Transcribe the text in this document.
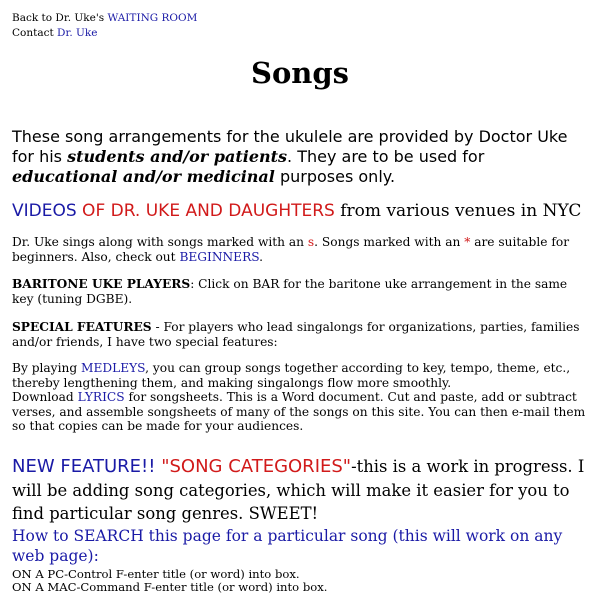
Back to Dr. Uke's WAITING ROOM
Contact Dr. Uke
Songs
These song arrangements for the ukulele are provided by Doctor Uke for his students and/or patients. They are to be used for educational and/or medicinal purposes only.
VIDEOS OF DR. UKE AND DAUGHTERS from various venues in NYC
Dr. Uke sings along with songs marked with an s. Songs marked with an * are suitable for beginners. Also, check out BEGINNERS.
BARITONE UKE PLAYERS: Click on BAR for the baritone uke arrangement in the same key (tuning DGBE).
SPECIAL FEATURES - For players who lead singalongs for organizations, parties, families and/or friends, I have two special features:
By playing MEDLEYS, you can group songs together according to key, tempo, theme, etc., thereby lengthening them, and making singalongs flow more smoothly.
Download LYRICS for songsheets. This is a Word document. Cut and paste, add or subtract verses, and assemble songsheets of many of the songs on this site. You can then e-mail them so that copies can be made for your audiences.
NEW FEATURE!! "SONG CATEGORIES"-this is a work in progress. I will be adding song categories, which will make it easier for you to find particular song genres. SWEET!
How to SEARCH this page for a particular song (this will work on any web page):
ON A PC-Control F-enter title (or word) into box.
ON A MAC-Command F-enter title (or word) into box.
